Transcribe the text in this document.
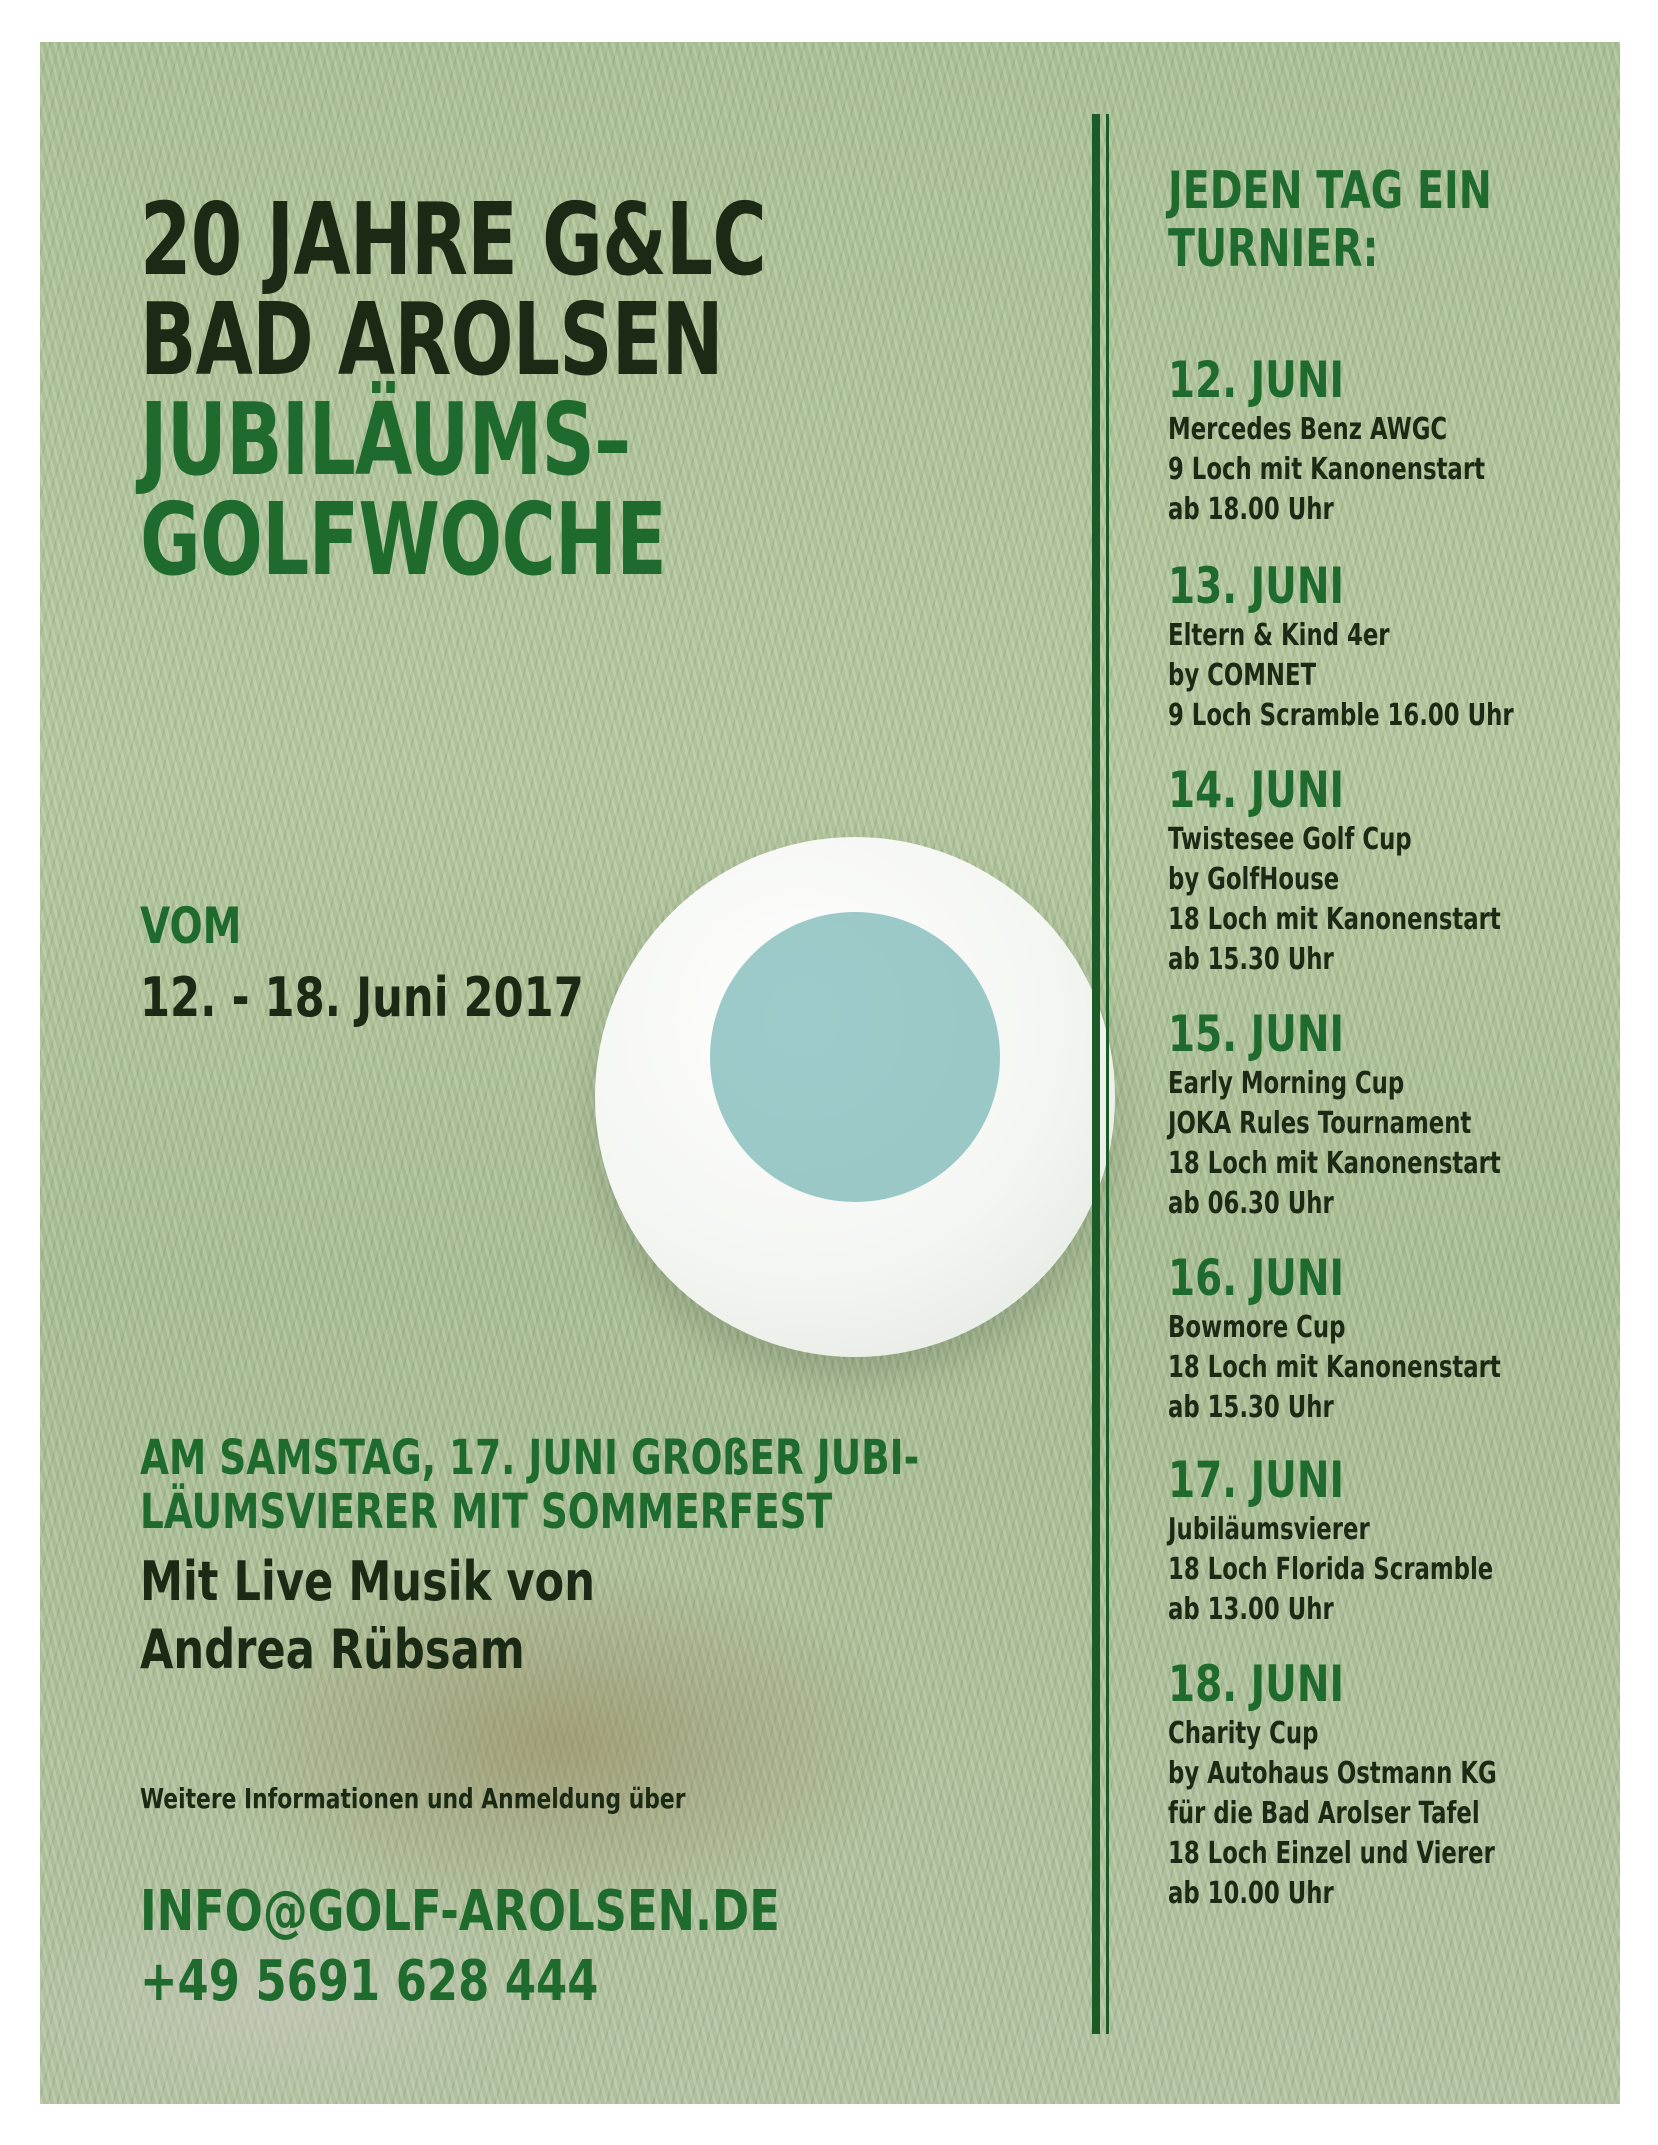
20 JAHRE G&LC
BAD AROLSEN
JUBILÄUMS–
GOLFWOCHE

VOM

12. - 18. Juni 2017

AM SAMSTAG, 17. JUNI GROßER JUBI-

LÄUMSVIERER MIT SOMMERFEST

Mit Live Musik von

Andrea Rübsam

Weitere Informationen und Anmeldung über

INFO@GOLF-AROLSEN.DE

+49 5691 628 444

JEDEN TAG EIN

TURNIER:

12. JUNI

Mercedes Benz AWGC

9 Loch mit Kanonenstart

ab 18.00 Uhr

13. JUNI

Eltern & Kind 4er

by COMNET

9 Loch Scramble 16.00 Uhr

14. JUNI

Twistesee Golf Cup

by GolfHouse

18 Loch mit Kanonenstart

ab 15.30 Uhr

15. JUNI

Early Morning Cup

JOKA Rules Tournament

18 Loch mit Kanonenstart

ab 06.30 Uhr

16. JUNI

Bowmore Cup

18 Loch mit Kanonenstart

ab 15.30 Uhr

17. JUNI

Jubiläumsvierer

18 Loch Florida Scramble

ab 13.00 Uhr

18. JUNI

Charity Cup

by Autohaus Ostmann KG

für die Bad Arolser Tafel

18 Loch Einzel und Vierer

ab 10.00 Uhr
